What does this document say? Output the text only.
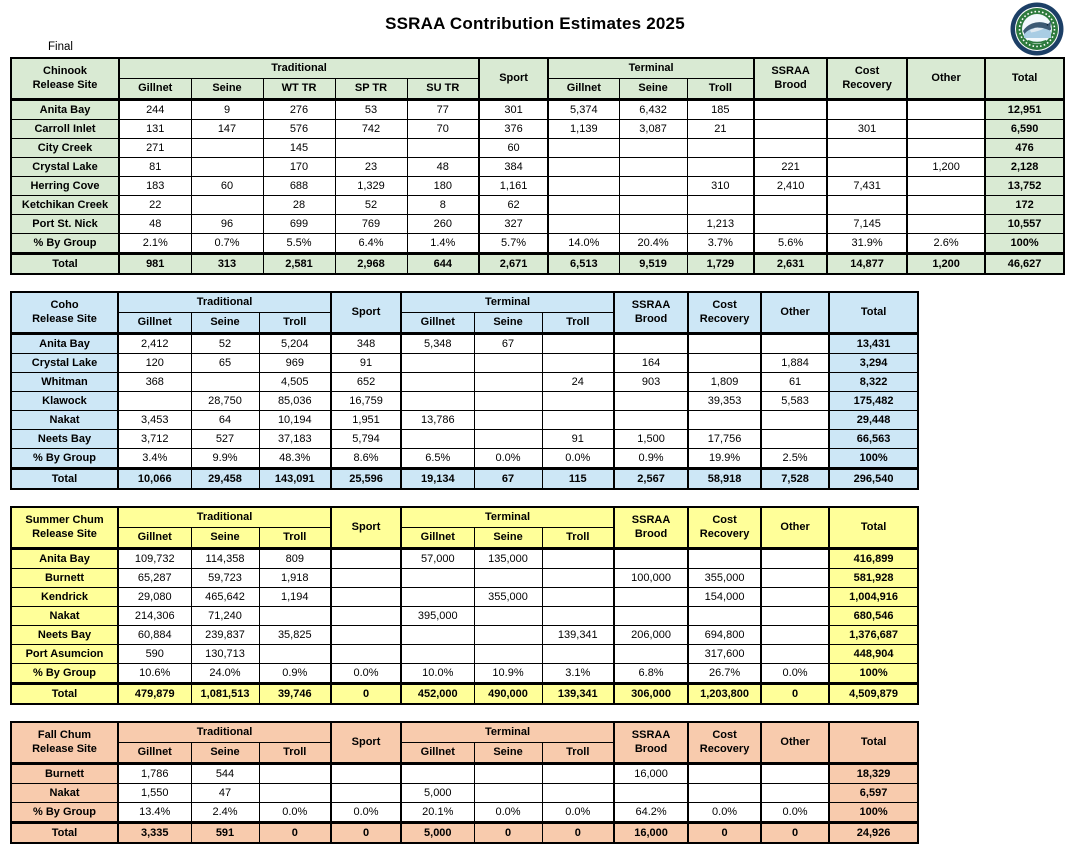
SSRAA Contribution Estimates 2025
Final
Chinook
Release Site
	Traditional	Sport	Terminal	SSRAA
Brood

Cost
Recovery
	Other	Total
	Gillnet	Seine	WT TR	SP TR	SU TR		Gillnet	Seine	Troll				
Anita Bay	244	9	276	53	77	301	5,374	6,432	185				12,951
Carroll Inlet	131	147	576	742	70	376	1,139	3,087	21		301		6,590
City Creek	271		145			60							476
Crystal Lake	81		170	23	48	384				221		1,200	2,128
Herring Cove	183	60	688	1,329	180	1,161			310	2,410	7,431		13,752
Ketchikan Creek	22		28	52	8	62							172
Port St. Nick	48	96	699	769	260	327			1,213		7,145		10,557
% By Group	2.1%	0.7%	5.5%	6.4%	1.4%	5.7%	14.0%	20.4%	3.7%	5.6%	31.9%	2.6%	100%
Total	981	313	2,581	2,968	644	2,671	6,513	9,519	1,729	2,631	14,877	1,200	46,627
Coho
Release Site
	Traditional	Sport	Terminal	SSRAA
Brood

Cost
Recovery
	Other	Total
	Gillnet	Seine	Troll		Gillnet	Seine	Troll				
Anita Bay	2,412	52	5,204	348	5,348	67					13,431
Crystal Lake	120	65	969	91				164		1,884	3,294
Whitman	368		4,505	652			24	903	1,809	61	8,322
Klawock		28,750	85,036	16,759					39,353	5,583	175,482
Nakat	3,453	64	10,194	1,951	13,786						29,448
Neets Bay	3,712	527	37,183	5,794			91	1,500	17,756		66,563
% By Group	3.4%	9.9%	48.3%	8.6%	6.5%	0.0%	0.0%	0.9%	19.9%	2.5%	100%
Total	10,066	29,458	143,091	25,596	19,134	67	115	2,567	58,918	7,528	296,540
Summer Chum
Release Site
	Traditional	Sport	Terminal	SSRAA
Brood

Cost
Recovery
	Other	Total
	Gillnet	Seine	Troll		Gillnet	Seine	Troll				
Anita Bay	109,732	114,358	809		57,000	135,000					416,899
Burnett	65,287	59,723	1,918					100,000	355,000		581,928
Kendrick	29,080	465,642	1,194			355,000			154,000		1,004,916
Nakat	214,306	71,240			395,000						680,546
Neets Bay	60,884	239,837	35,825				139,341	206,000	694,800		1,376,687
Port Asumcion	590	130,713							317,600		448,904
% By Group	10.6%	24.0%	0.9%	0.0%	10.0%	10.9%	3.1%	6.8%	26.7%	0.0%	100%
Total	479,879	1,081,513	39,746	0	452,000	490,000	139,341	306,000	1,203,800	0	4,509,879
Fall Chum
Release Site
	Traditional	Sport	Terminal	SSRAA
Brood

Cost
Recovery
	Other	Total
	Gillnet	Seine	Troll		Gillnet	Seine	Troll				
Burnett	1,786	544						16,000			18,329
Nakat	1,550	47			5,000						6,597
% By Group	13.4%	2.4%	0.0%	0.0%	20.1%	0.0%	0.0%	64.2%	0.0%	0.0%	100%
Total	3,335	591	0	0	5,000	0	0	16,000	0	0	24,926
